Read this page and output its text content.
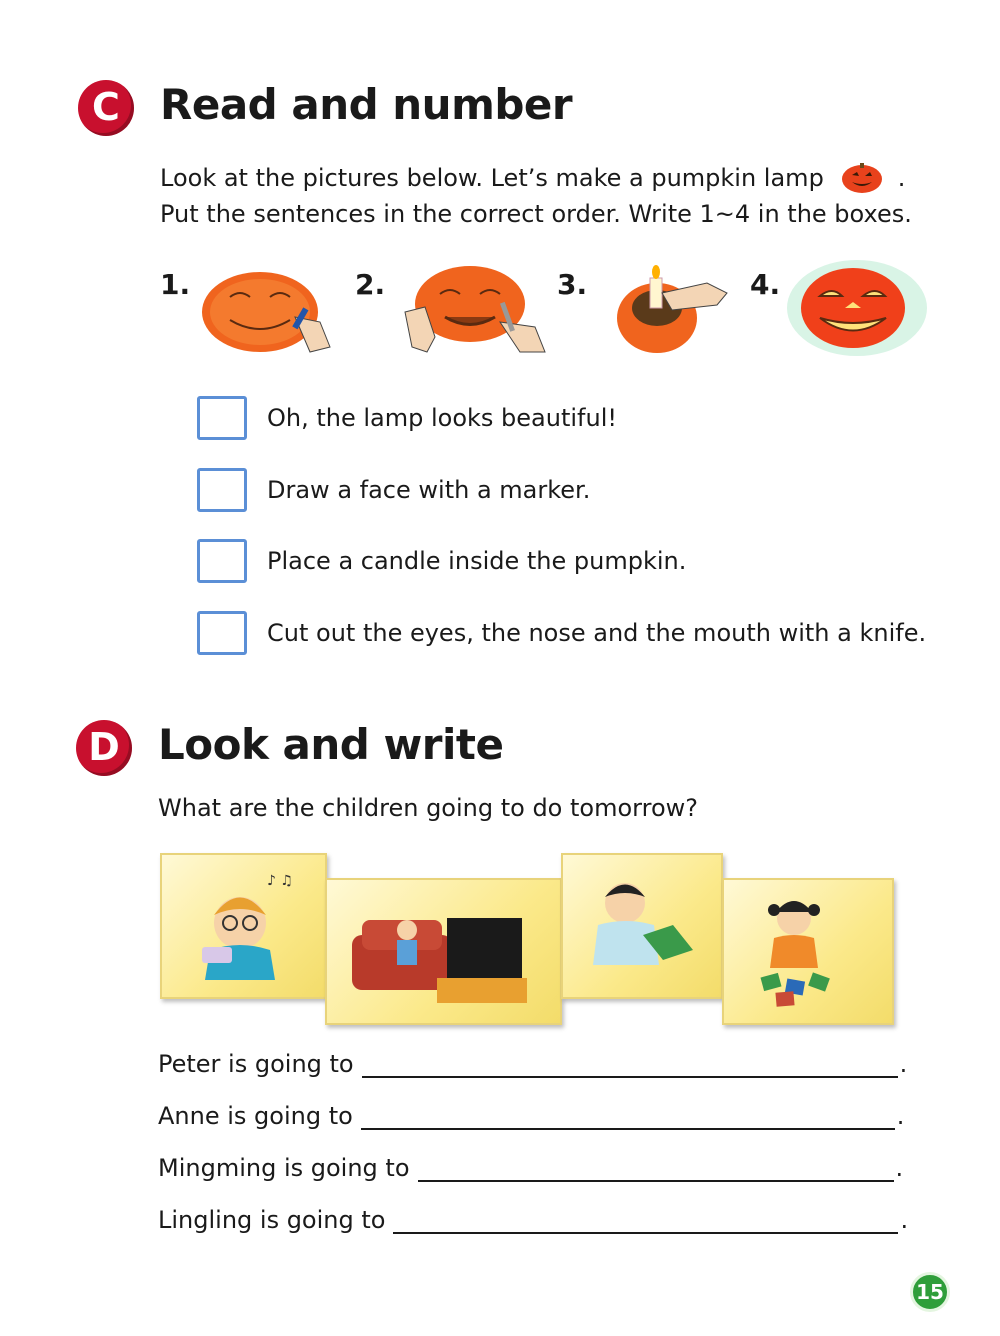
C Read and number
Look at the pictures below. Let’s make a pumpkin lamp	.
Put the sentences in the correct order. Write 1~4 in the boxes.
1.	2.	3.	4.
Oh, the lamp looks beautiful!
Draw a face with a marker.
Place a candle inside the pumpkin.
Cut out the eyes, the nose and the mouth with a knife.
D Look and write
What are the children going to do tomorrow?
♪ ♫
Peter is going to	.
Anne is going to	.
Mingming is going to	.
Lingling is going to	.
15
